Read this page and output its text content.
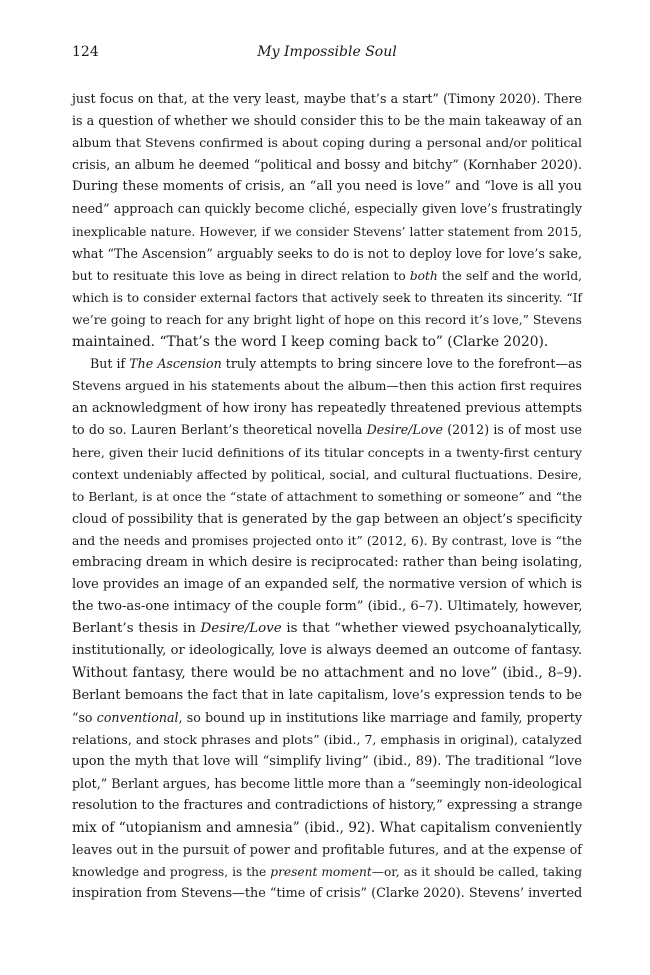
124	My Impossible Soul
just focus on that, at the very least, maybe that’s a start” (Timony 2020). There
is a question of whether we should consider this to be the main takeaway of an
album that Stevens confirmed is about coping during a personal and/or political
crisis, an album he deemed “political and bossy and bitchy” (Kornhaber 2020).
During these moments of crisis, an “all you need is love” and “love is all you
need” approach can quickly become cliché, especially given love’s frustratingly
inexplicable nature. However, if we consider Stevens’ latter statement from 2015,
what “The Ascension” arguably seeks to do is not to deploy love for love’s sake,
but to resituate this love as being in direct relation to both the self and the world,
which is to consider external factors that actively seek to threaten its sincerity. “If
we’re going to reach for any bright light of hope on this record it’s love,” Stevens
maintained. “That’s the word I keep coming back to” (Clarke 2020).
But if The Ascension truly attempts to bring sincere love to the forefront—as
Stevens argued in his statements about the album—then this action first requires
an acknowledgment of how irony has repeatedly threatened previous attempts
to do so. Lauren Berlant’s theoretical novella Desire/Love (2012) is of most use
here, given their lucid definitions of its titular concepts in a twenty-first century
context undeniably affected by political, social, and cultural fluctuations. Desire,
to Berlant, is at once the “state of attachment to something or someone” and “the
cloud of possibility that is generated by the gap between an object’s specificity
and the needs and promises projected onto it” (2012, 6). By contrast, love is “the
embracing dream in which desire is reciprocated: rather than being isolating,
love provides an image of an expanded self, the normative version of which is
the two-as-one intimacy of the couple form” (ibid., 6–7). Ultimately, however,
Berlant’s thesis in Desire/Love is that “whether viewed psychoanalytically,
institutionally, or ideologically, love is always deemed an outcome of fantasy.
Without fantasy, there would be no attachment and no love” (ibid., 8–9).
Berlant bemoans the fact that in late capitalism, love’s expression tends to be
“so conventional, so bound up in institutions like marriage and family, property
relations, and stock phrases and plots” (ibid., 7, emphasis in original), catalyzed
upon the myth that love will “simplify living” (ibid., 89). The traditional “love
plot,” Berlant argues, has become little more than a “seemingly non-ideological
resolution to the fractures and contradictions of history,” expressing a strange
mix of “utopianism and amnesia” (ibid., 92). What capitalism conveniently
leaves out in the pursuit of power and profitable futures, and at the expense of
knowledge and progress, is the present moment—or, as it should be called, taking
inspiration from Stevens—the “time of crisis” (Clarke 2020). Stevens’ inverted
